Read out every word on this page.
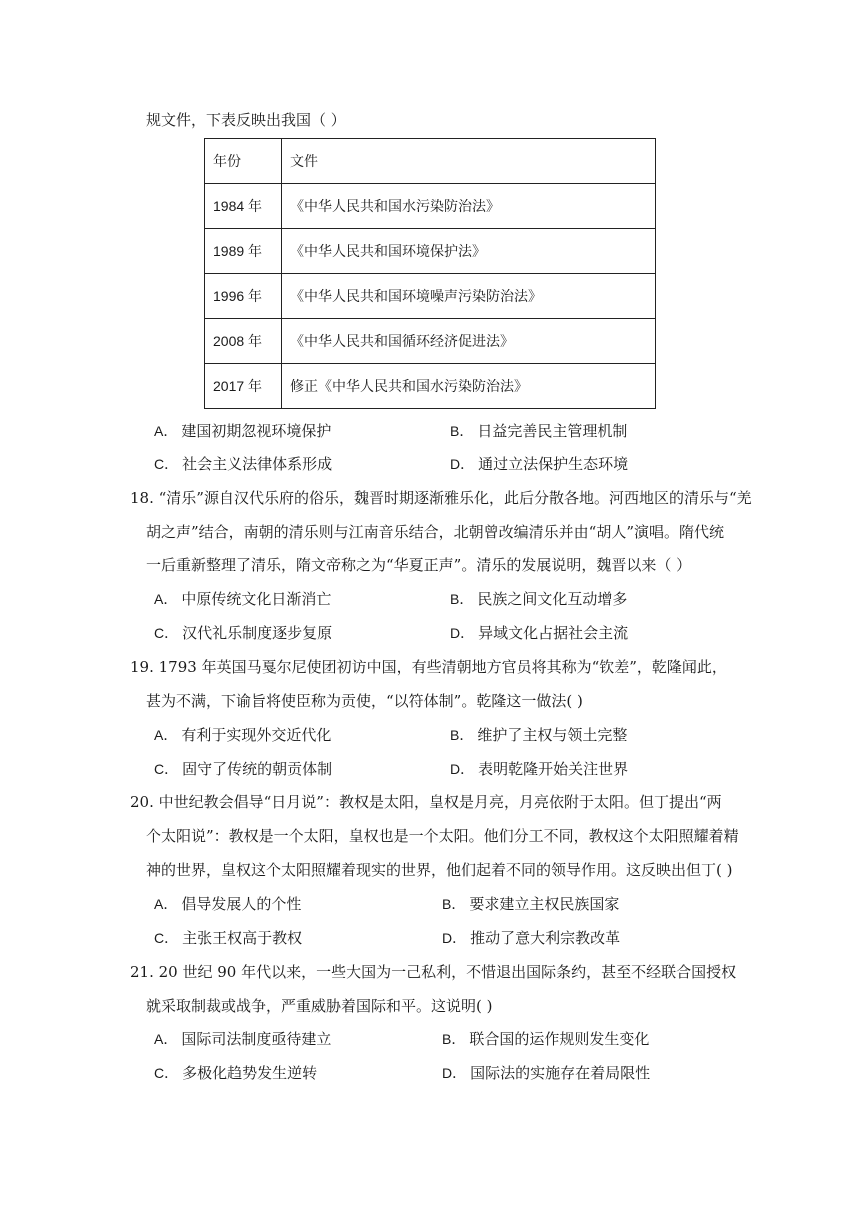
规文件，下表反映出我国（ ）
年份	文件
1984 年	《中华人民共和国水污染防治法》
1989 年	《中华人民共和国环境保护法》
1996 年	《中华人民共和国环境噪声污染防治法》
2008 年	《中华人民共和国循环经济促进法》
2017 年	修正《中华人民共和国水污染防治法》
A． 建国初期忽视环境保护	B． 日益完善民主管理机制
C． 社会主义法律体系形成	D． 通过立法保护生态环境
18. “清乐”源自汉代乐府的俗乐，魏晋时期逐渐雅乐化，此后分散各地。河西地区的清乐与“羌
胡之声”结合，南朝的清乐则与江南音乐结合，北朝曾改编清乐并由“胡人”演唱。隋代统
一后重新整理了清乐，隋文帝称之为“华夏正声”。清乐的发展说明，魏晋以来（ ）
A． 中原传统文化日渐消亡	B． 民族之间文化互动增多
C． 汉代礼乐制度逐步复原	D． 异域文化占据社会主流
19. 1793 年英国马戛尔尼使团初访中国，有些清朝地方官员将其称为“钦差”，乾隆闻此，
甚为不满，下谕旨将使臣称为贡使，“以符体制”。乾隆这一做法( )
A． 有利于实现外交近代化	B． 维护了主权与领土完整
C． 固守了传统的朝贡体制	D． 表明乾隆开始关注世界
20. 中世纪教会倡导“日月说”：教权是太阳，皇权是月亮，月亮依附于太阳。但丁提出“两
个太阳说”：教权是一个太阳，皇权也是一个太阳。他们分工不同，教权这个太阳照耀着精
神的世界，皇权这个太阳照耀着现实的世界，他们起着不同的领导作用。这反映出但丁( )
A． 倡导发展人的个性	B． 要求建立主权民族国家
C． 主张王权高于教权	D． 推动了意大利宗教改革
21. 20 世纪 90 年代以来，一些大国为一己私利，不惜退出国际条约，甚至不经联合国授权
就采取制裁或战争，严重威胁着国际和平。这说明( )
A． 国际司法制度亟待建立	B． 联合国的运作规则发生变化
C． 多极化趋势发生逆转	D． 国际法的实施存在着局限性
